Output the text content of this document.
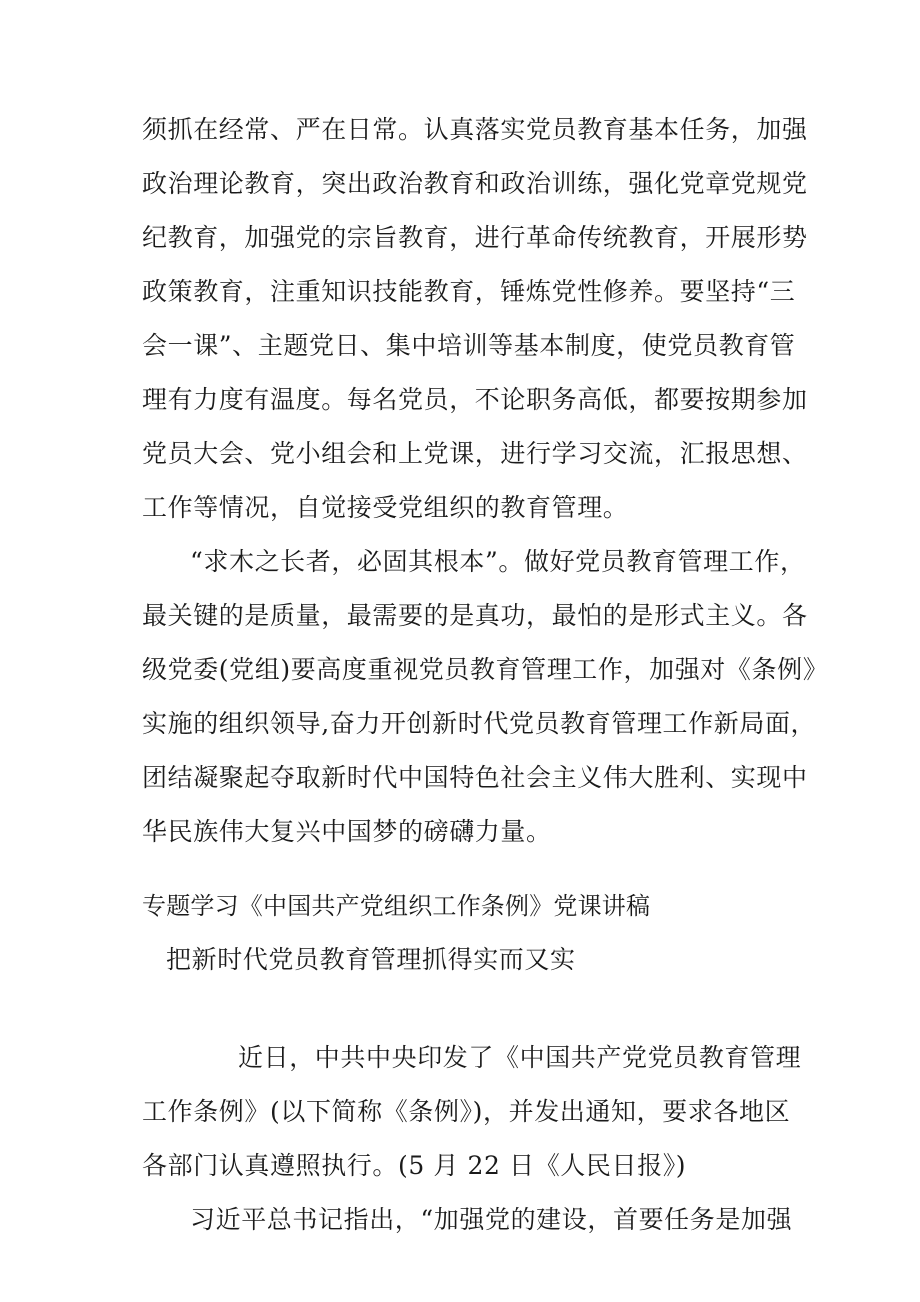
须抓在经常、严在日常。认真落实党员教育基本任务，加强
政治理论教育，突出政治教育和政治训练，强化党章党规党
纪教育，加强党的宗旨教育，进行革命传统教育，开展形势
政策教育，注重知识技能教育，锤炼党性修养。要坚持“三
会一课”、主题党日、集中培训等基本制度，使党员教育管
理有力度有温度。每名党员，不论职务高低，都要按期参加
党员大会、党小组会和上党课，进行学习交流，汇报思想、
工作等情况，自觉接受党组织的教育管理。
“求木之长者，必固其根本”。做好党员教育管理工作，
最关键的是质量，最需要的是真功，最怕的是形式主义。各
级党委(党组)要高度重视党员教育管理工作，加强对《条例》
实施的组织领导,奋力开创新时代党员教育管理工作新局面，
团结凝聚起夺取新时代中国特色社会主义伟大胜利、实现中
华民族伟大复兴中国梦的磅礴力量。
专题学习《中国共产党组织工作条例》党课讲稿
把新时代党员教育管理抓得实而又实
近日，中共中央印发了《中国共产党党员教育管理
工作条例》(以下简称《条例》)，并发出通知，要求各地区
各部门认真遵照执行。(5 月 22 日《人民日报》)
习近平总书记指出，“加强党的建设，首要任务是加强
